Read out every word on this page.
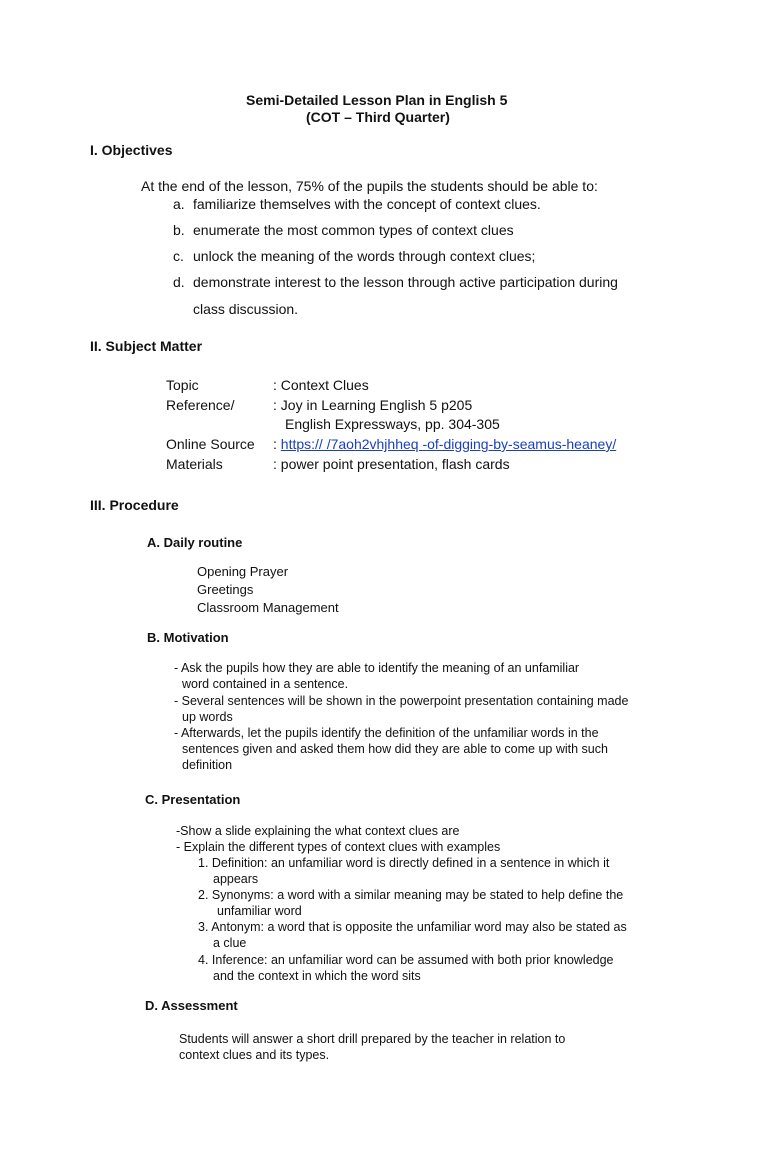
Semi-Detailed Lesson Plan in English 5
(COT – Third Quarter)
I. Objectives
At the end of the lesson, 75% of the pupils the students should be able to:
a. familiarize themselves with the concept of context clues.
b. enumerate the most common types of context clues
c. unlock the meaning of the words through context clues;
d. demonstrate interest to the lesson through active participation during
class discussion.
II. Subject Matter
Topic	: Context Clues
Reference/	: Joy in Learning English 5 p205
English Expressways, pp. 304-305
Online Source : https:// /7aoh2vhjhheq -of-digging-by-seamus-heaney/
Materials	: power point presentation, flash cards
III. Procedure
A. Daily routine
Opening Prayer
Greetings
Classroom Management
B. Motivation
- Ask the pupils how they are able to identify the meaning of an unfamiliar
word contained in a sentence.
- Several sentences will be shown in the powerpoint presentation containing made
up words
- Afterwards, let the pupils identify the definition of the unfamiliar words in the
sentences given and asked them how did they are able to come up with such
definition
C. Presentation
-Show a slide explaining the what context clues are
- Explain the different types of context clues with examples
1. Definition: an unfamiliar word is directly defined in a sentence in which it
appears
2. Synonyms: a word with a similar meaning may be stated to help define the
unfamiliar word
3. Antonym: a word that is opposite the unfamiliar word may also be stated as
a clue
4. Inference: an unfamiliar word can be assumed with both prior knowledge
and the context in which the word sits
D. Assessment
Students will answer a short drill prepared by the teacher in relation to
context clues and its types.
